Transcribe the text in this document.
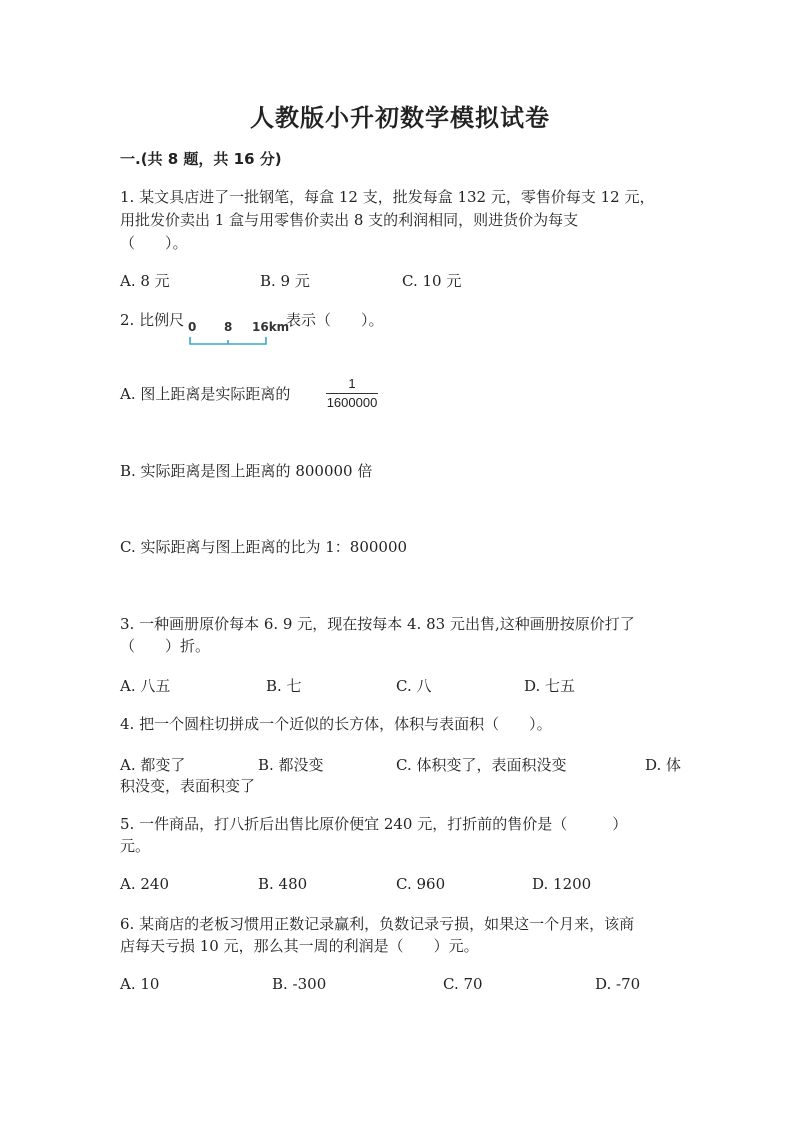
人教版小升初数学模拟试卷
一.(共 8 题，共 16 分)
1. 某文具店进了一批钢笔，每盒 12 支，批发每盒 132 元，零售价每支 12 元，
用批发价卖出 1 盒与用零售价卖出 8 支的利润相同，则进货价为每支
（　　）。
A. 8 元	B. 9 元	C. 10 元
2. 比例尺 0 8 16km
表示（　　）。
A. 图上距离是实际距离的
1
1600000
B. 实际距离是图上距离的 800000 倍
C. 实际距离与图上距离的比为 1：800000
3. 一种画册原价每本 6. 9 元，现在按每本 4. 83 元出售,这种画册按原价打了
（　　）折。
A. 八五	B. 七	C. 八	D. 七五
4. 把一个圆柱切拼成一个近似的长方体，体积与表面积（　　）。
A. 都变了	B. 都没变	C. 体积变了，表面积没变	D. 体
积没变，表面积变了
5. 一件商品，打八折后出售比原价便宜 240 元，打折前的售价是（　　　）
元。
A. 240	B. 480	C. 960	D. 1200
6. 某商店的老板习惯用正数记录赢利，负数记录亏损，如果这一个月来，该商
店每天亏损 10 元，那么其一周的利润是（　　）元。
A. 10	B. -300	C. 70	D. -70
